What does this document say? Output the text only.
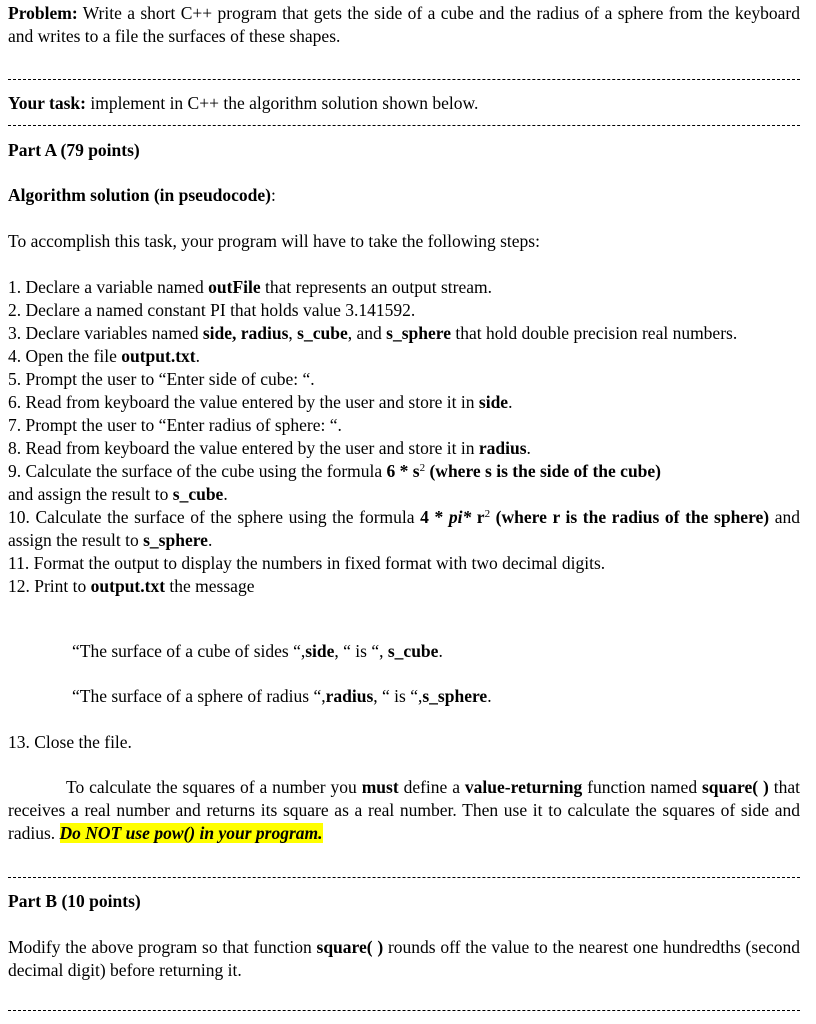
Problem: Write a short C++ program that gets the side of a cube and the radius of a sphere from the keyboard and writes to a file the surfaces of these shapes.
Your task: implement in C++ the algorithm solution shown below.
Part A (79 points)
Algorithm solution (in pseudocode):
To accomplish this task, your program will have to take the following steps:

1. Declare a variable named outFile that represents an output stream.

2. Declare a named constant PI that holds value 3.141592.

3. Declare variables named side, radius, s_cube, and s_sphere that hold double precision real numbers.

4. Open the file output.txt.

5. Prompt the user to “Enter side of cube: “.

6. Read from keyboard the value entered by the user and store it in side.

7. Prompt the user to “Enter radius of sphere: “.

8. Read from keyboard the value entered by the user and store it in radius.

9. Calculate the surface of the cube using the formula $6 * s^2$ (where s is the side of the cube)
and assign the result to s_cube.

10. Calculate the surface of the sphere using the formula 4 * pi* $r^2$ (where r is the radius of the sphere) and assign the result to s_sphere.

11. Format the output to display the numbers in fixed format with two decimal digits.

12. Print to output.txt the message

“The surface of a cube of sides “,side, “ is “, s_cube.
“The surface of a sphere of radius “,radius, “ is “,s_sphere.
13. Close the file.
To calculate the squares of a number you must define a value-returning function named square( ) that receives a real number and returns its square as a real number. Then use it to calculate the squares of side and radius. Do NOT use pow() in your program.
Part B (10 points)
Modify the above program so that function square( ) rounds off the value to the nearest one hundredths (second decimal digit) before returning it.
